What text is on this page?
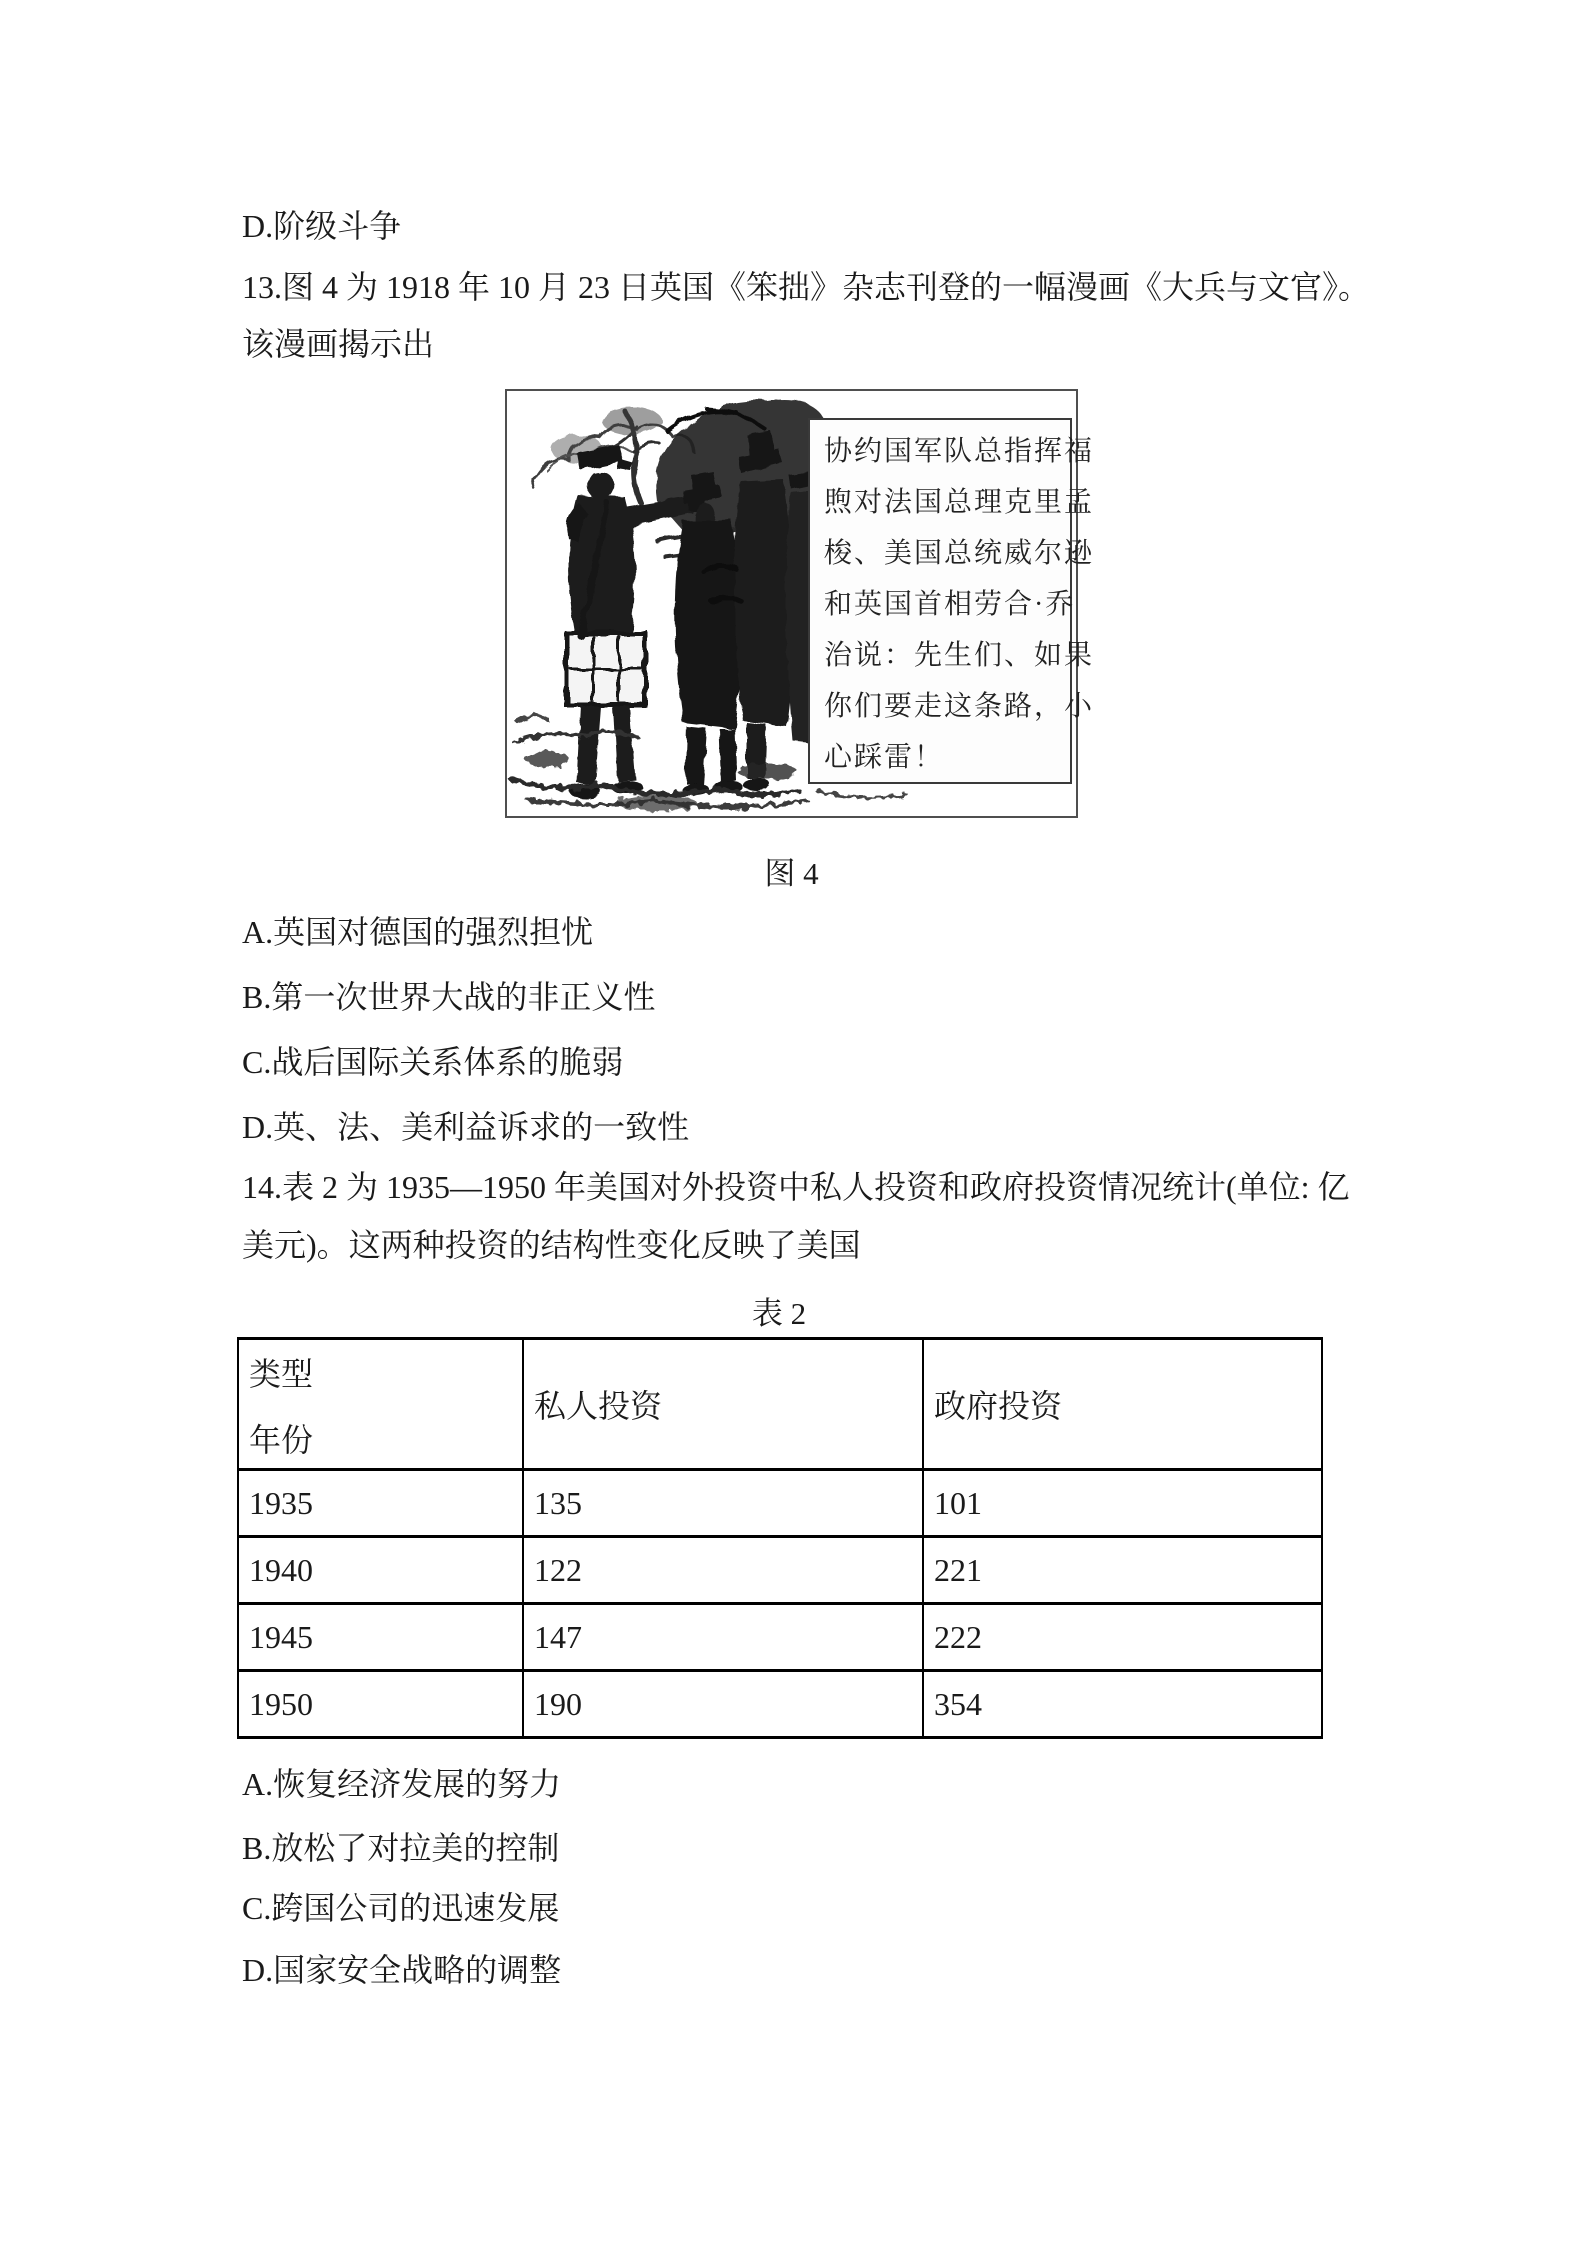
D.阶级斗争
13.图 4 为 1918 年 10 月 23 日英国《笨拙》杂志刊登的一幅漫画《大兵与文官》。
该漫画揭示出
协约国军队总指挥福
煦对法国总理克里孟
梭、美国总统威尔逊
和英国首相劳合·乔
治说：先生们、如果
你们要走这条路，小
心踩雷！
图 4
A.英国对德国的强烈担忧
B.第一次世界大战的非正义性
C.战后国际关系体系的脆弱
D.英、法、美利益诉求的一致性
14.表 2 为 1935—1950 年美国对外投资中私人投资和政府投资情况统计(单位: 亿
美元)。这两种投资的结构性变化反映了美国
表 2
类型
年份	私人投资	政府投资
1935	135	101
1940	122	221
1945	147	222
1950	190	354
A.恢复经济发展的努力
B.放松了对拉美的控制
C.跨国公司的迅速发展
D.国家安全战略的调整
